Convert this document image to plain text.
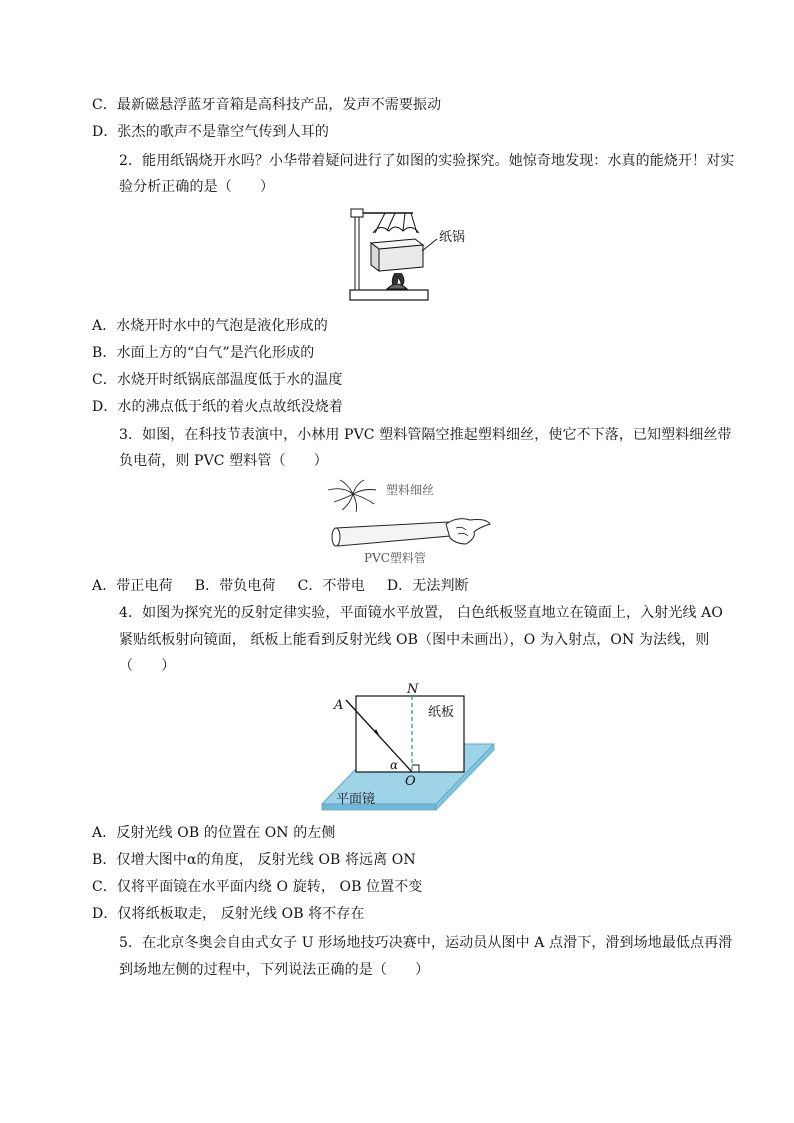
C．最新磁悬浮蓝牙音箱是高科技产品，发声不需要振动
D．张杰的歌声不是靠空气传到人耳的
2．能用纸锅烧开水吗？小华带着疑问进行了如图的实验探究。她惊奇地发现：水真的能烧开！对实
验分析正确的是（　　）
纸锅
A．水烧开时水中的气泡是液化形成的
B．水面上方的“白气”是汽化形成的
C．水烧开时纸锅底部温度低于水的温度
D．水的沸点低于纸的着火点故纸没烧着
3．如图，在科技节表演中，小林用 PVC 塑料管隔空推起塑料细丝，使它不下落，已知塑料细丝带
负电荷，则 PVC 塑料管（　　）
塑料细丝
PVC塑料管
A．带正电荷 B．带负电荷 C．不带电 D．无法判断
4．如图为探究光的反射定律实验，平面镜水平放置， 白色纸板竖直地立在镜面上，入射光线 AO
紧贴纸板射向镜面， 纸板上能看到反射光线 OB（图中未画出），O 为入射点，ON 为法线，则
（　　）
A
N
O
α
纸板
平面镜
A．反射光线 OB 的位置在 ON 的左侧
B．仅增大图中α的角度， 反射光线 OB 将远离 ON
C．仅将平面镜在水平面内绕 O 旋转， OB 位置不变
D．仅将纸板取走， 反射光线 OB 将不存在
5．在北京冬奥会自由式女子 U 形场地技巧决赛中，运动员从图中 A 点滑下，滑到场地最低点再滑
到场地左侧的过程中，下列说法正确的是（　　）
